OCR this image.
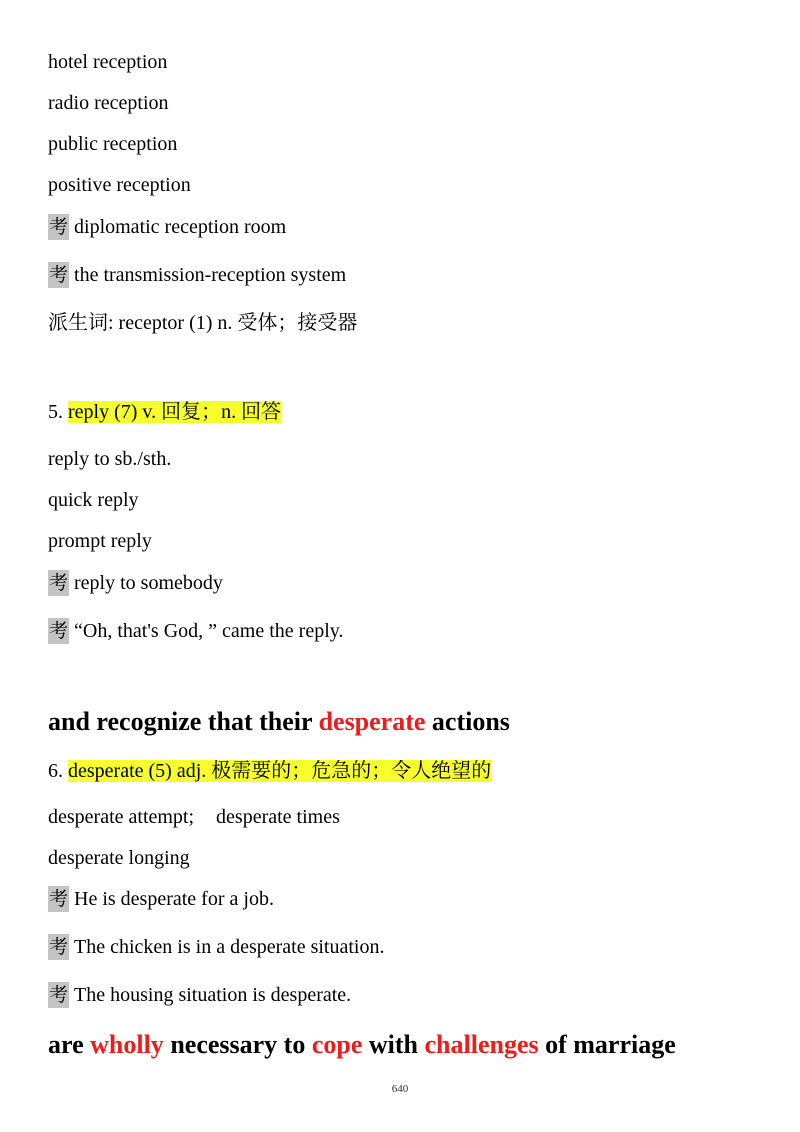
hotel reception
radio reception
public reception
positive reception
考 diplomatic reception room
考 the transmission-reception system
派生词: receptor (1) n. 受体；接受器
5. reply (7) v. 回复；n. 回答
reply to sb./sth.
quick reply
prompt reply
考 reply to somebody
考 “Oh, that's God, ” came the reply.
and recognize that their desperate actions
6. desperate (5) adj. 极需要的；危急的；令人绝望的
desperate attempt; desperate times
desperate longing
考 He is desperate for a job.
考 The chicken is in a desperate situation.
考 The housing situation is desperate.
are wholly necessary to cope with challenges of marriage
640
